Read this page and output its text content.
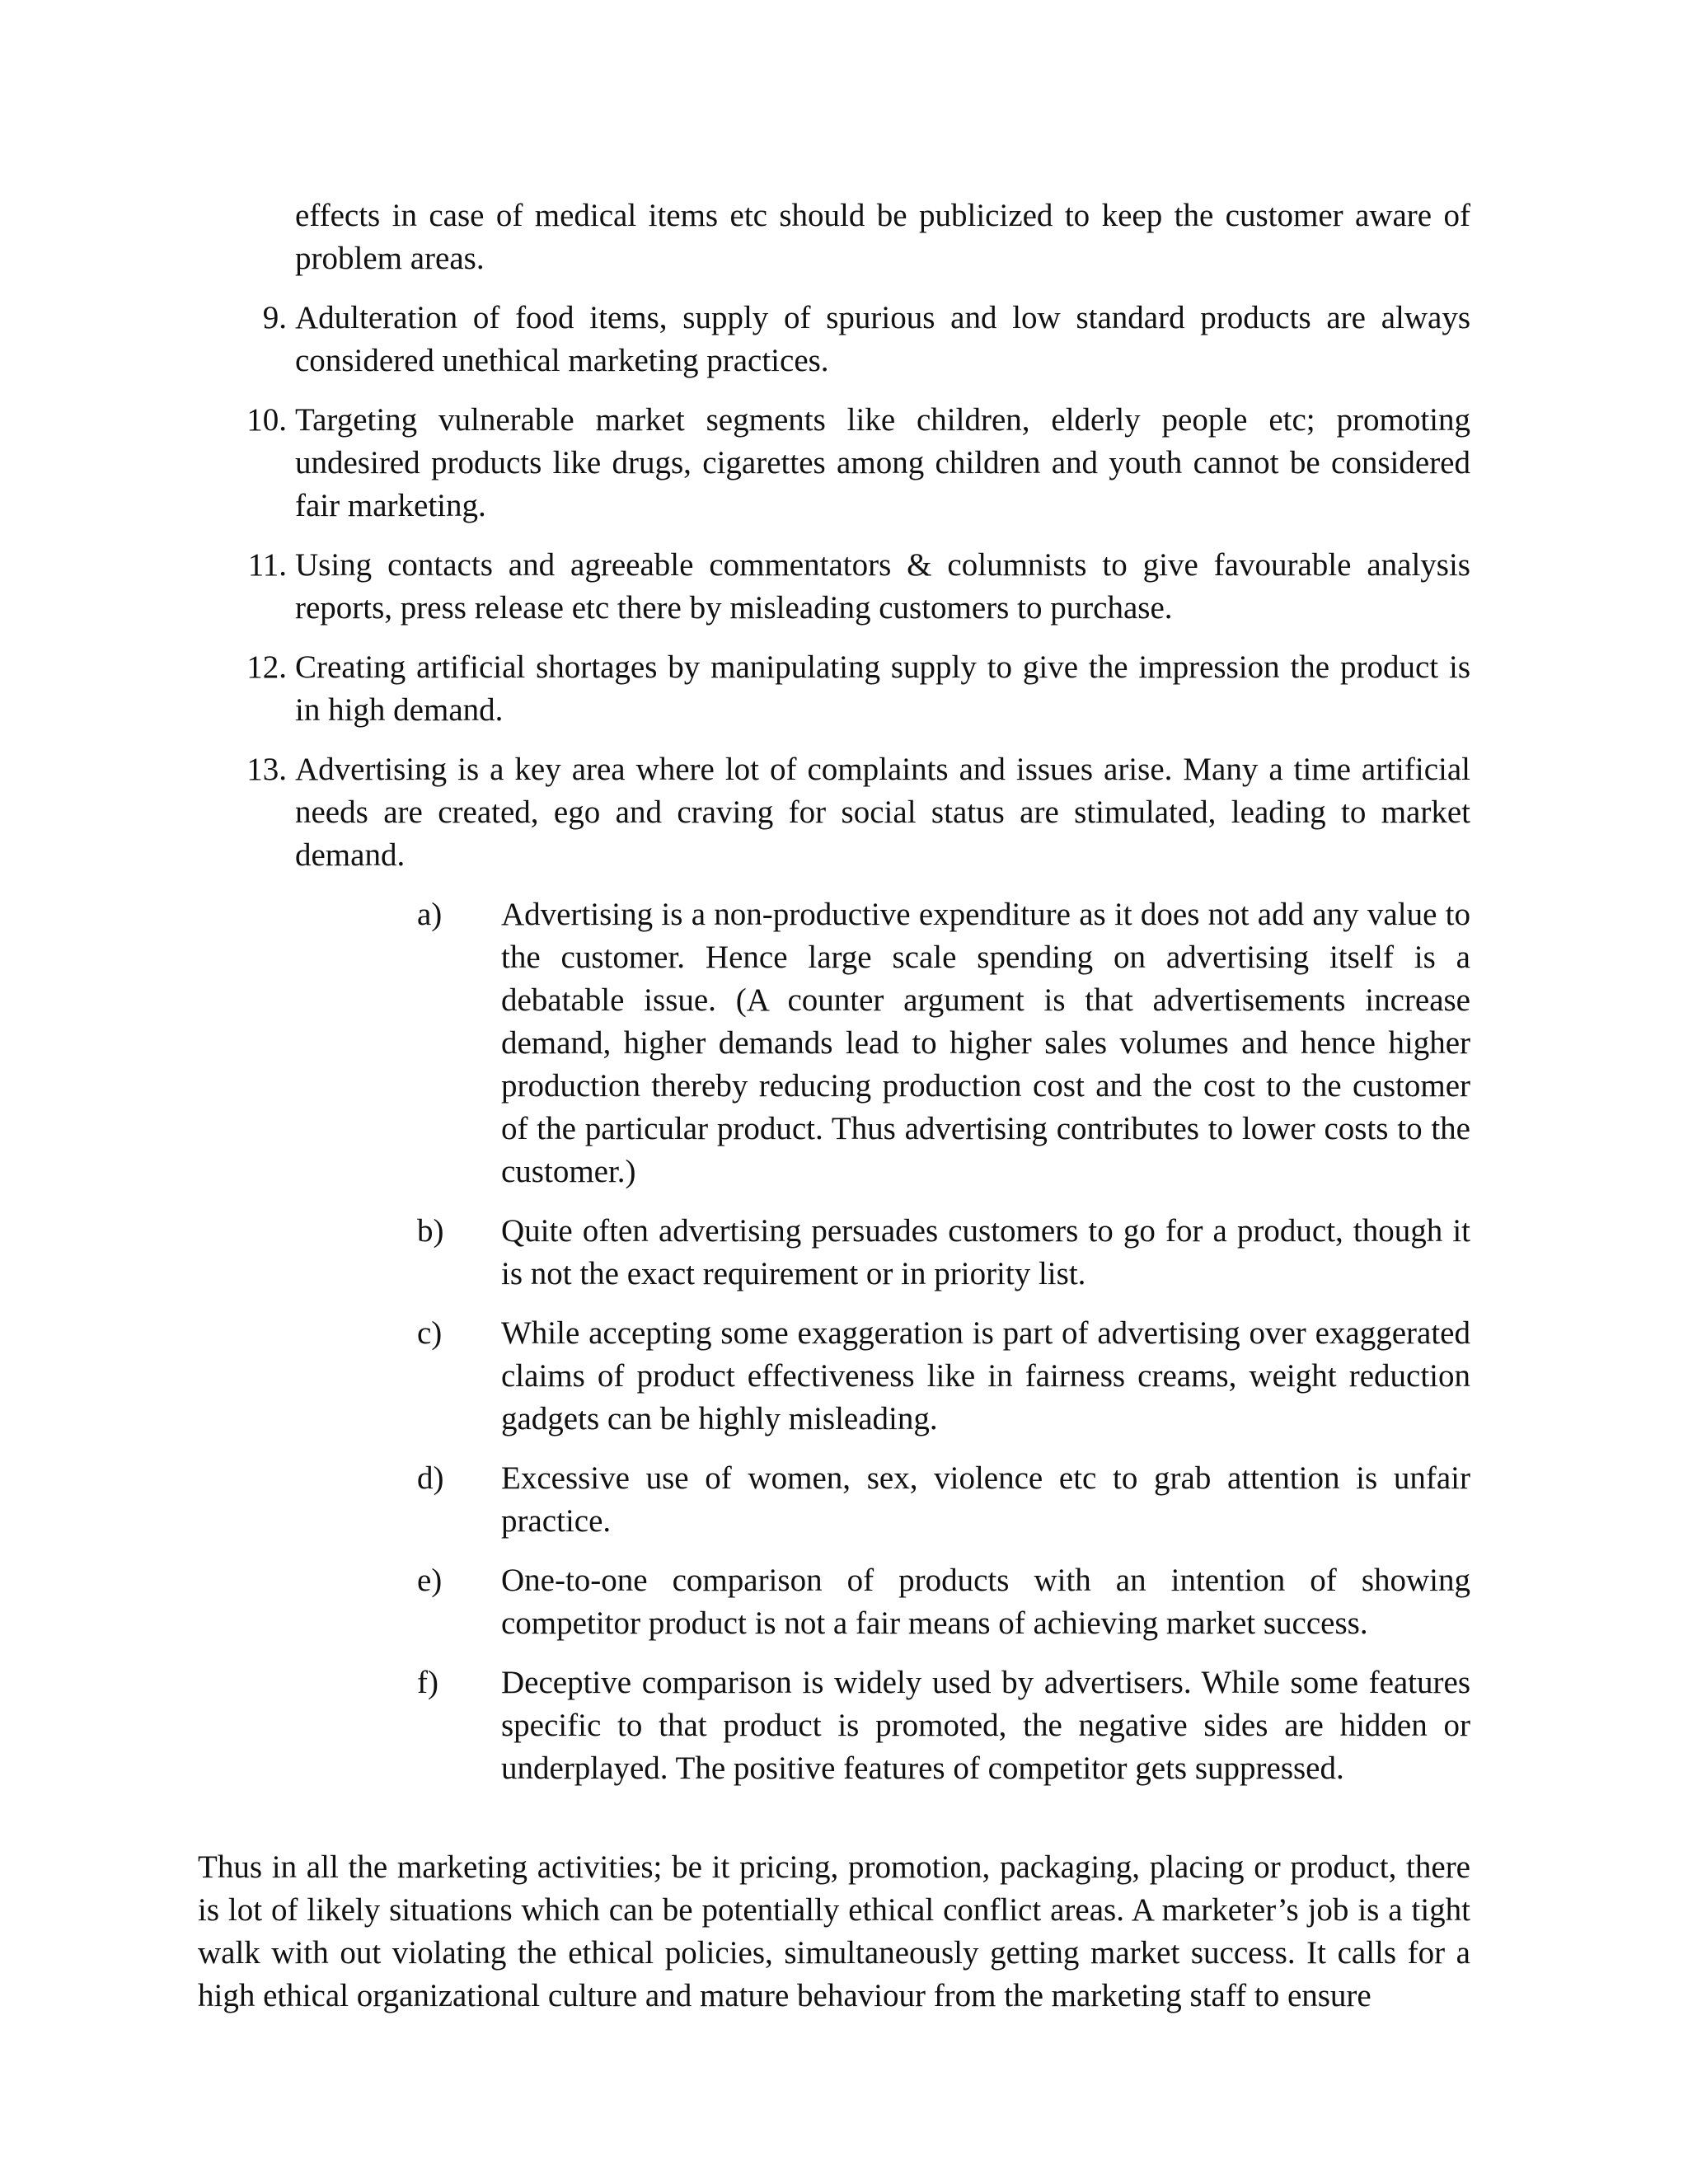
effects in case of medical items etc should be publicized to keep the customer aware of problem areas.

9. Adulteration of food items, supply of spurious and low standard products are always considered unethical marketing practices.
10. Targeting vulnerable market segments like children, elderly people etc; promoting undesired products like drugs, cigarettes among children and youth cannot be considered fair marketing.
11. Using contacts and agreeable commentators & columnists to give favourable analysis reports, press release etc there by misleading customers to purchase.
12. Creating artificial shortages by manipulating supply to give the impression the product is in high demand.
13. Advertising is a key area where lot of complaints and issues arise. Many a time artificial needs are created, ego and craving for social status are stimulated, leading to market demand.
a) Advertising is a non-productive expenditure as it does not add any value to the customer. Hence large scale spending on advertising itself is a debatable issue. (A counter argument is that advertisements increase demand, higher demands lead to higher sales volumes and hence higher production thereby reducing production cost and the cost to the customer of the particular product. Thus advertising contributes to lower costs to the customer.)
b) Quite often advertising persuades customers to go for a product, though it is not the exact requirement or in priority list.
c) While accepting some exaggeration is part of advertising over exaggerated claims of product effectiveness like in fairness creams, weight reduction gadgets can be highly misleading.
d) Excessive use of women, sex, violence etc to grab attention is unfair practice.
e) One-to-one comparison of products with an intention of showing competitor product is not a fair means of achieving market success.
f) Deceptive comparison is widely used by advertisers. While some features specific to that product is promoted, the negative sides are hidden or underplayed. The positive features of competitor gets suppressed.

Thus in all the marketing activities; be it pricing, promotion, packaging, placing or product, there is lot of likely situations which can be potentially ethical conflict areas. A marketer’s job is a tight walk with out violating the ethical policies, simultaneously getting market success. It calls for a high ethical organizational culture and mature behaviour from the marketing staff to ensure
